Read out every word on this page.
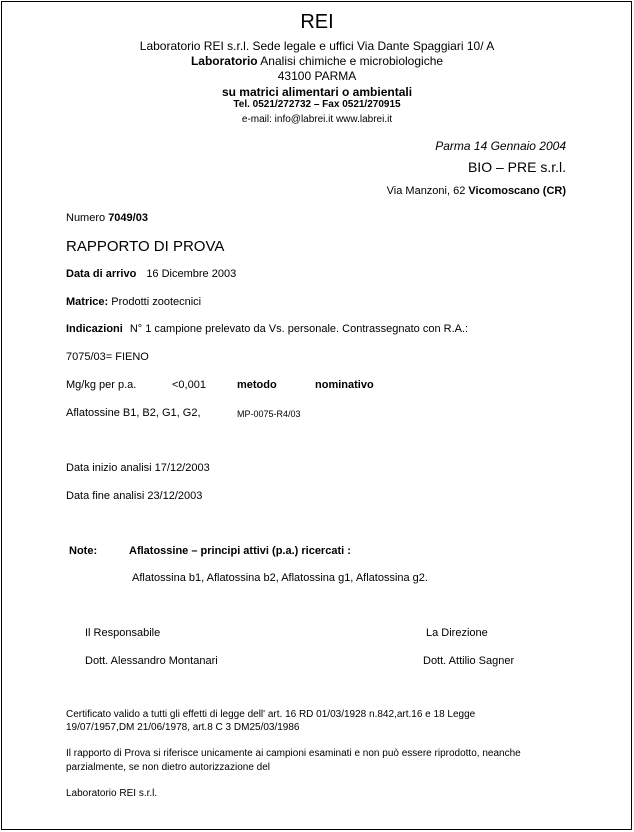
REI
Laboratorio REI s.r.l. Sede legale e uffici Via Dante Spaggiari 10/ A
Laboratorio Analisi chimiche e microbiologiche
43100 PARMA
su matrici alimentari o ambientali
Tel. 0521/272732 – Fax 0521/270915
e-mail: info@labrei.it www.labrei.it
Parma 14 Gennaio 2004
BIO – PRE s.r.l.
Via Manzoni, 62 Vicomoscano (CR)
Numero 7049/03
RAPPORTO DI PROVA
Data di arrivo 16 Dicembre 2003
Matrice: Prodotti zootecnici
Indicazioni N° 1 campione prelevato da Vs. personale. Contrassegnato con R.A.:
7075/03= FIENO
Mg/kg per p.a.	<0,001	metodo	nominativo
Aflatossine B1, B2, G1, G2,	MP-0075-R4/03
Data inizio analisi 17/12/2003
Data fine analisi 23/12/2003
Note:	Aflatossine – principi attivi (p.a.) ricercati :
Aflatossina b1, Aflatossina b2, Aflatossina g1, Aflatossina g2.
Il Responsabile
Dott. Alessandro Montanari
La Direzione
Dott. Attilio Sagner
Certificato valido a tutti gli effetti di legge dell' art. 16 RD 01/03/1928 n.842,art.16 e 18 Legge
19/07/1957,DM 21/06/1978, art.8 C 3 DM25/03/1986
Il rapporto di Prova si riferisce unicamente ai campioni esaminati e non può essere riprodotto, neanche
parzialmente, se non dietro autorizzazione del
Laboratorio REI s.r.l.
